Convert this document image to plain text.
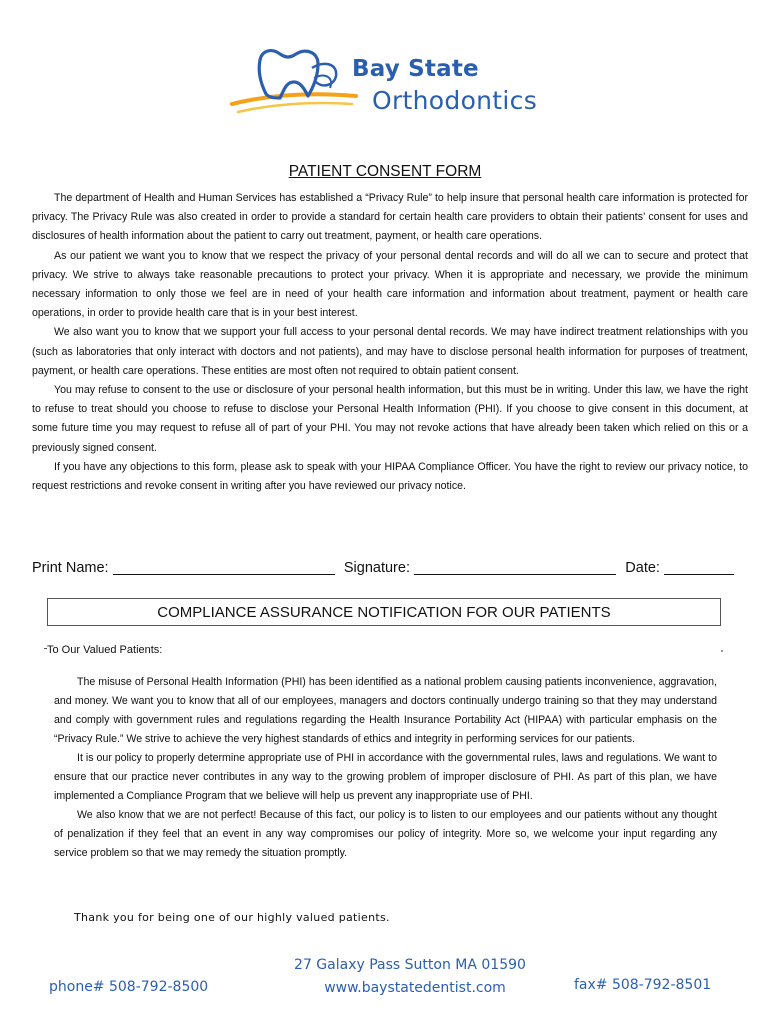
Bay State
Orthodontics
PATIENT CONSENT FORM

The department of Health and Human Services has established a “Privacy Rule” to help insure that personal health care information is protected for privacy. The Privacy Rule was also created in order to provide a standard for certain health care providers to obtain their patients’ consent for uses and disclosures of health information about the patient to carry out treatment, payment, or health care operations.

As our patient we want you to know that we respect the privacy of your personal dental records and will do all we can to secure and protect that privacy. We strive to always take reasonable precautions to protect your privacy. When it is appropriate and necessary, we provide the minimum necessary information to only those we feel are in need of your health care information and information about treatment, payment or health care operations, in order to provide health care that is in your best interest.

We also want you to know that we support your full access to your personal dental records. We may have indirect treatment relationships with you (such as laboratories that only interact with doctors and not patients), and may have to disclose personal health information for purposes of treatment, payment, or health care operations. These entities are most often not required to obtain patient consent.

You may refuse to consent to the use or disclosure of your personal health information, but this must be in writing. Under this law, we have the right to refuse to treat should you choose to refuse to disclose your Personal Health Information (PHI). If you choose to give consent in this document, at some future time you may request to refuse all of part of your PHI. You may not revoke actions that have already been taken which relied on this or a previously signed consent.

If you have any objections to this form, please ask to speak with your HIPAA Compliance Officer. You have the right to review our privacy notice, to request restrictions and revoke consent in writing after you have reviewed our privacy notice.

Print Name:	Signature:	Date:
COMPLIANCE ASSURANCE NOTIFICATION FOR OUR PATIENTS
To Our Valued Patients:

The misuse of Personal Health Information (PHI) has been identified as a national problem causing patients inconvenience, aggravation, and money. We want you to know that all of our employees, managers and doctors continually undergo training so that they may understand and comply with government rules and regulations regarding the Health Insurance Portability Act (HIPAA) with particular emphasis on the “Privacy Rule.” We strive to achieve the very highest standards of ethics and integrity in performing services for our patients.

It is our policy to properly determine appropriate use of PHI in accordance with the governmental rules, laws and regulations. We want to ensure that our practice never contributes in any way to the growing problem of improper disclosure of PHI. As part of this plan, we have implemented a Compliance Program that we believe will help us prevent any inappropriate use of PHI.

We also know that we are not perfect! Because of this fact, our policy is to listen to our employees and our patients without any thought of penalization if they feel that an event in any way compromises our policy of integrity. More so, we welcome your input regarding any service problem so that we may remedy the situation promptly.

Thank you for being one of our highly valued patients.
27 Galaxy Pass Sutton MA 01590
www.baystatedentist.com
phone# 508-792-8500	fax# 508-792-8501
